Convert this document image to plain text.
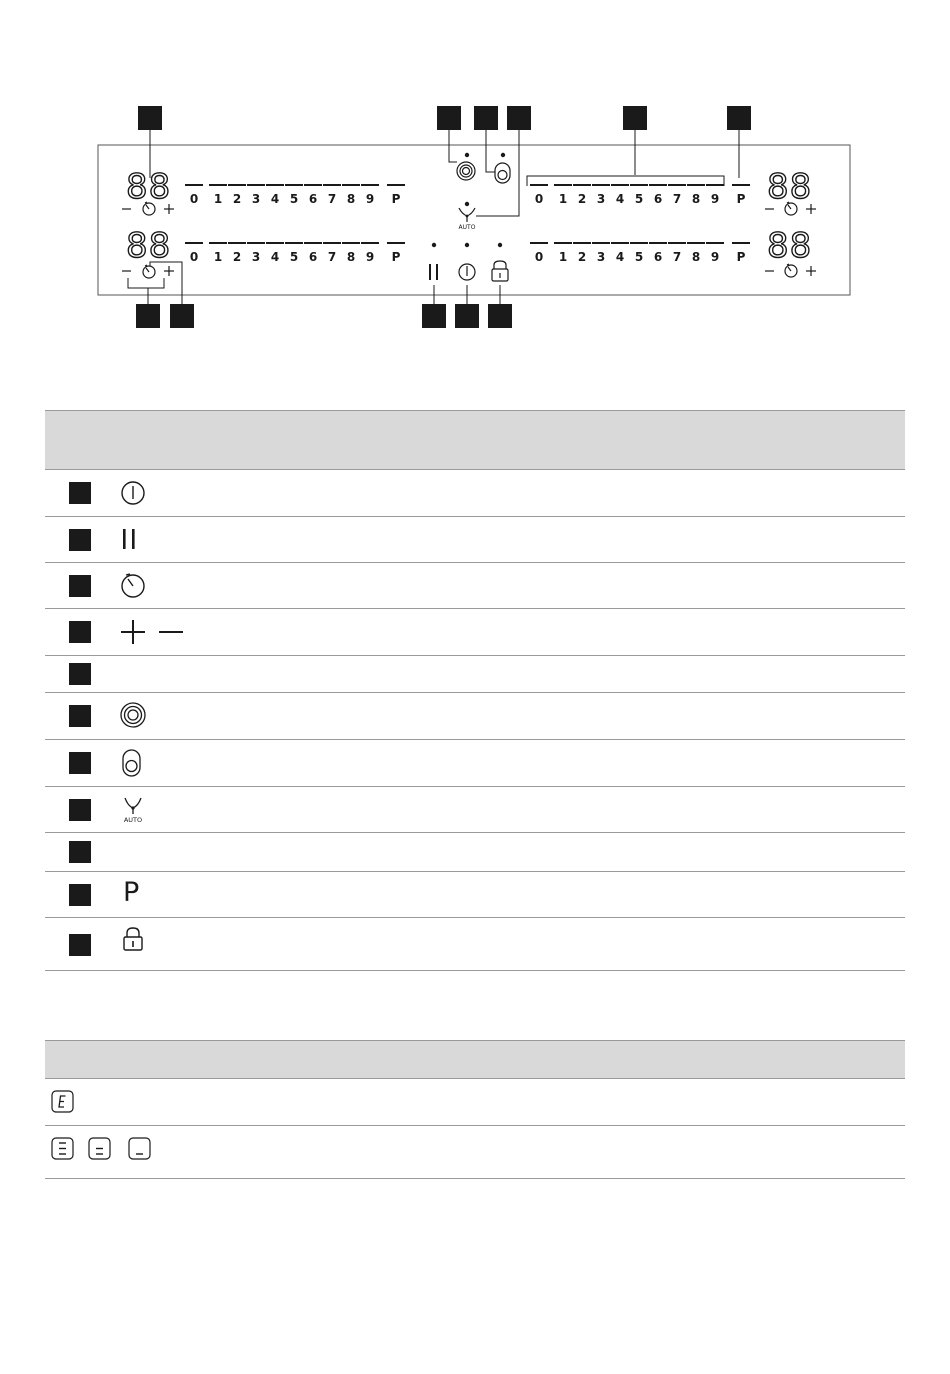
88
88
88
88
0 1 2 3 4 5 6 7 8 9 P
0 1 2 3 4 5 6 7 8 9 P
0 1 2 3 4 5 6 7 8 9 P
0 1 2 3 4 5 6 7 8 9 P
AUTO
AUTO
P
